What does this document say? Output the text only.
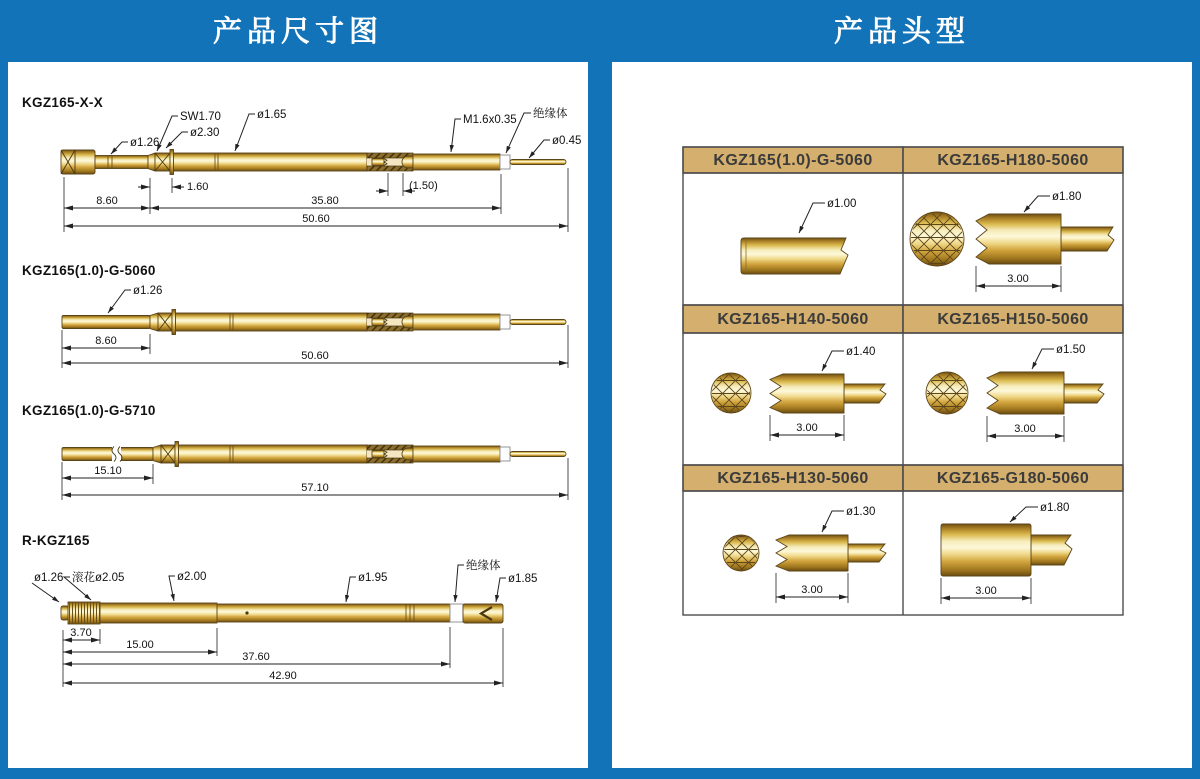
产品尺寸图	产品头型
KGZ165-X-X
ø1.26
SW1.70
ø2.30
ø1.65	M1.6x0.35 绝缘体
ø0.45
1.60
8.60	35.80
(1.50)
50.60
KGZ165(1.0)-G-5060
ø1.26
8.60
50.60
KGZ165(1.0)-G-5710
15.10
57.10
R-KGZ165
ø1.26 滚花ø2.05	ø2.00	ø1.95
绝缘体
ø1.85
3.70
15.00
37.60
42.90
KGZ165(1.0)-G-5060	KGZ165-H180-5060
KGZ165-H140-5060	KGZ165-H150-5060
KGZ165-H130-5060	KGZ165-G180-5060
ø1.00
ø1.80
3.00
ø1.40
3.00
ø1.50
3.00
ø1.30
3.00
ø1.80
3.00
